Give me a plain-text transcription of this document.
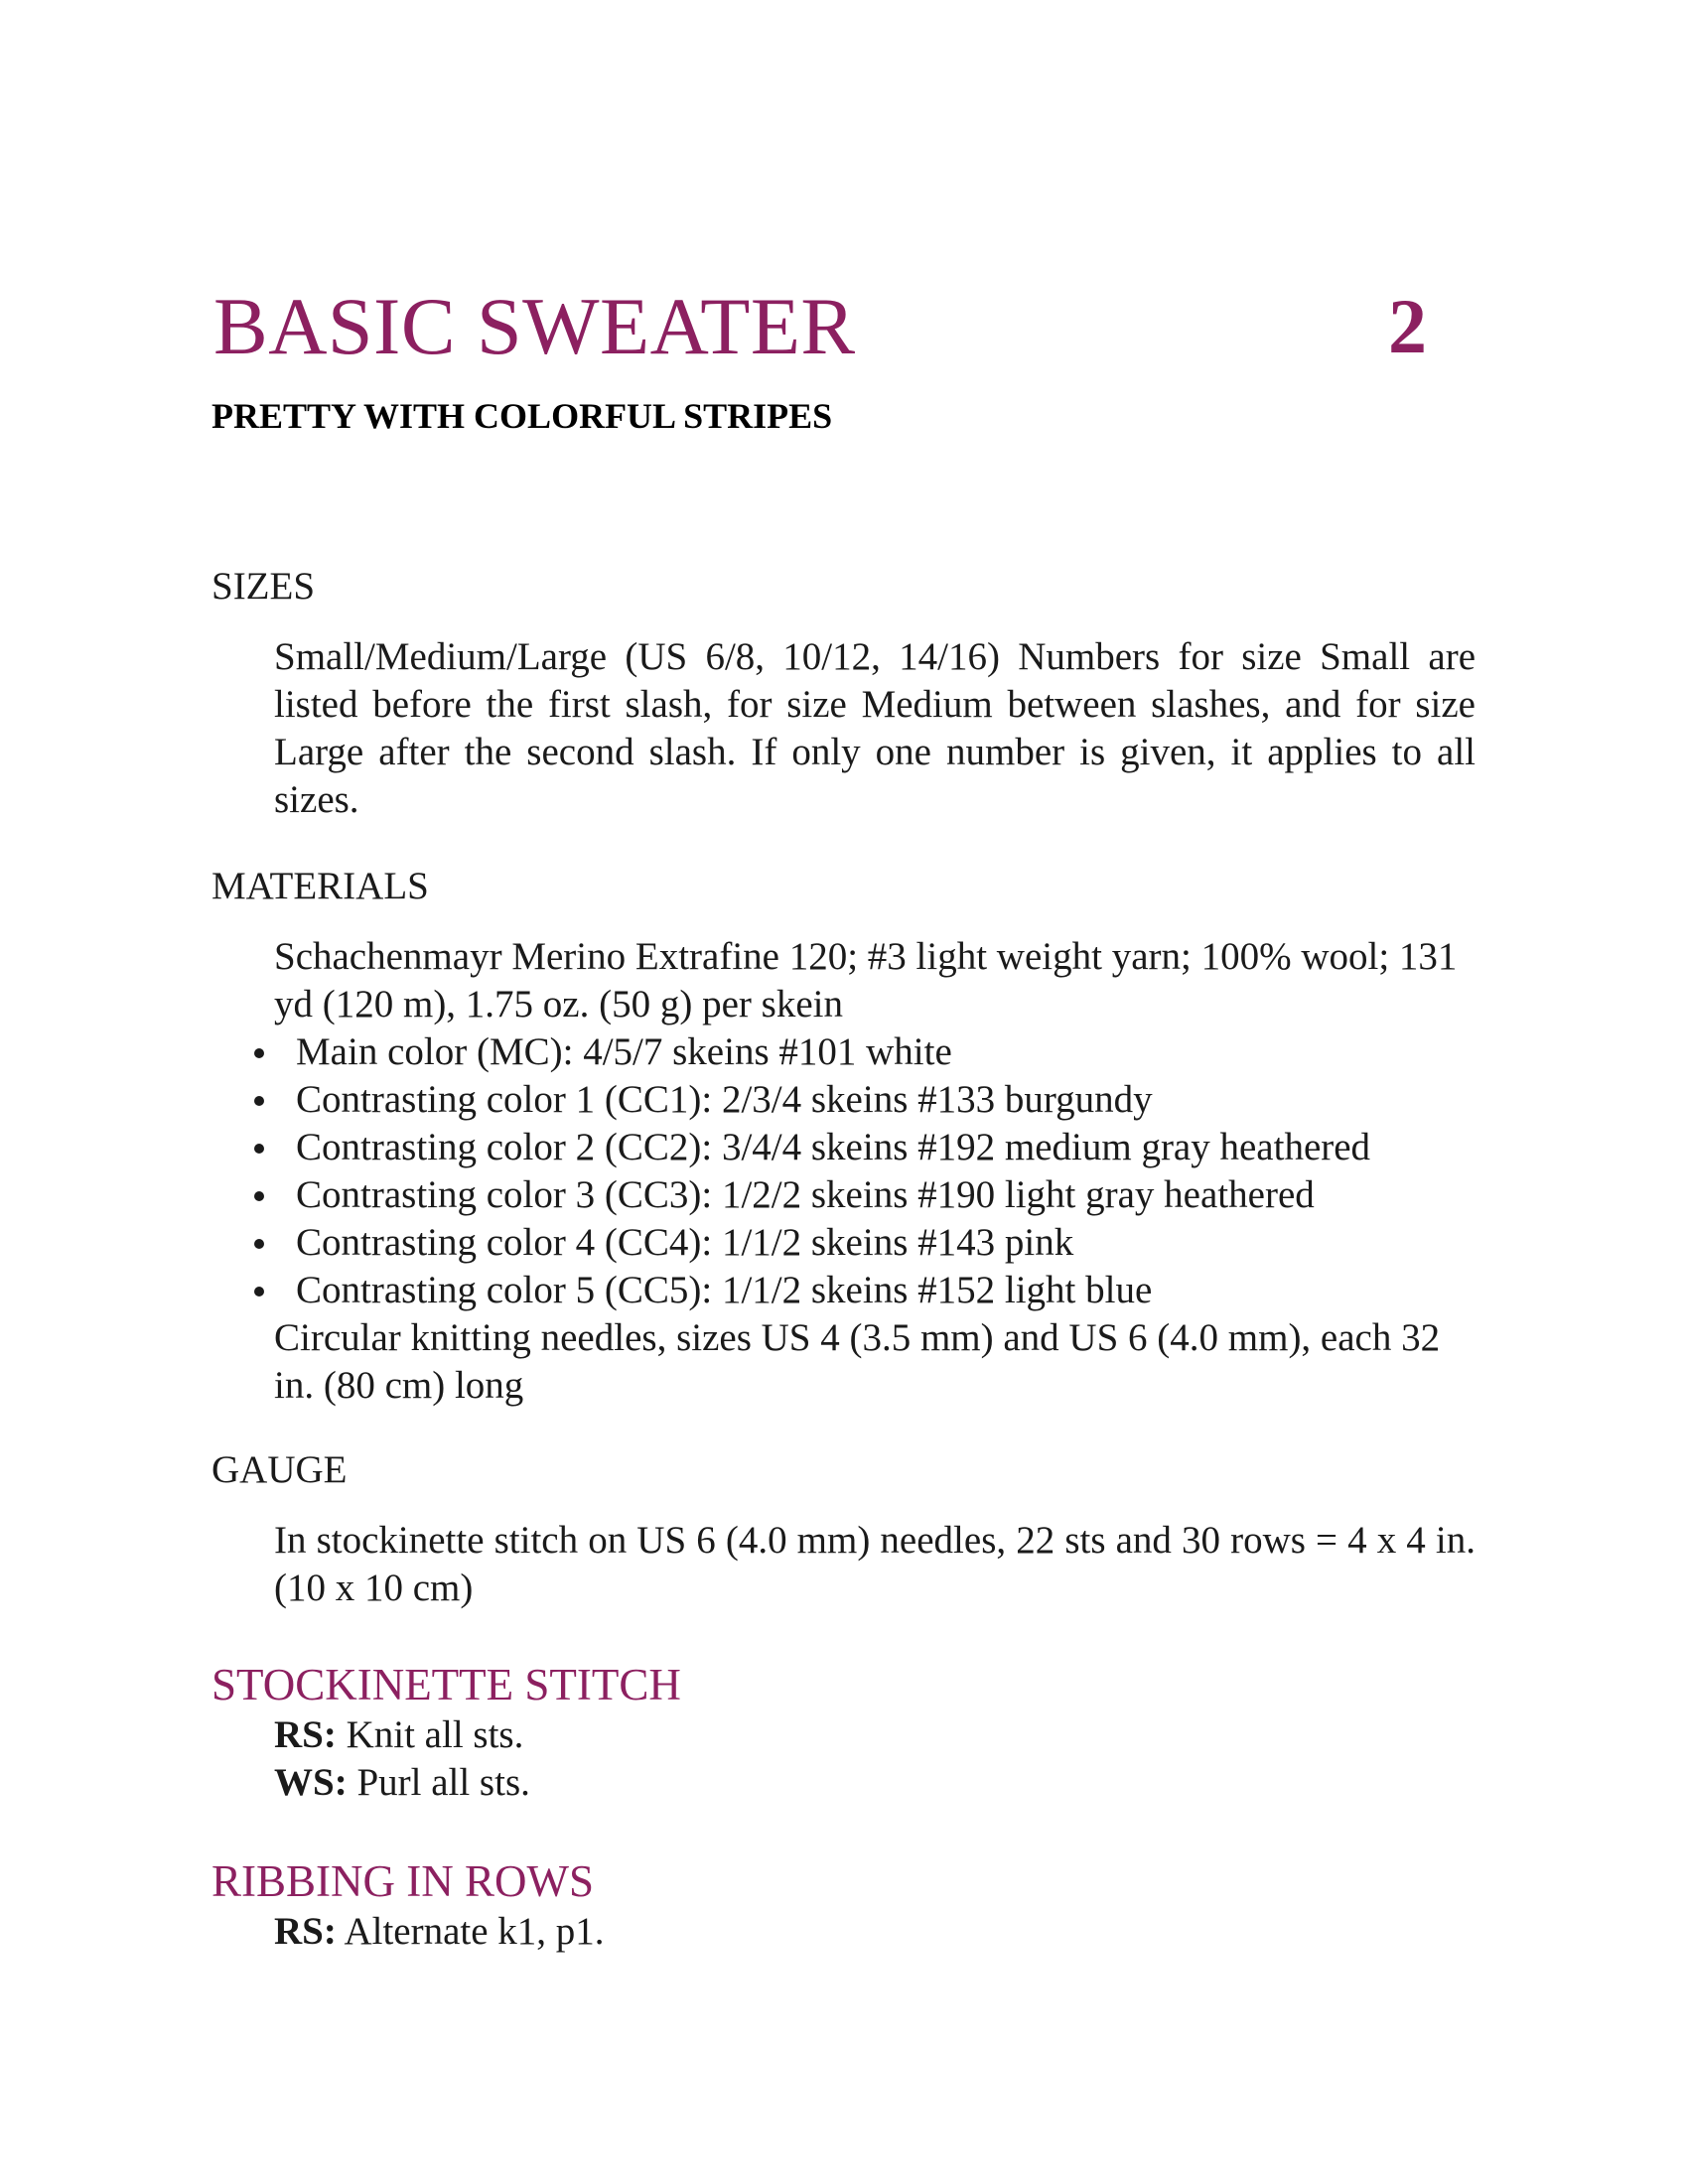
BASIC SWEATER	2
PRETTY WITH COLORFUL STRIPES
SIZES
Small/Medium/Large (US 6/8, 10/12, 14/16) Numbers for size Small are listed before the first slash, for size Medium between slashes, and for size Large after the second slash. If only one number is given, it applies to all sizes.
MATERIALS

Schachenmayr Merino Extrafine 120; #3 light weight yarn; 100% wool; 131 yd (120 m), 1.75 oz. (50 g) per skein

Main color (MC): 4/5/7 skeins #101 white
Contrasting color 1 (CC1): 2/3/4 skeins #133 burgundy
Contrasting color 2 (CC2): 3/4/4 skeins #192 medium gray heathered
Contrasting color 3 (CC3): 1/2/2 skeins #190 light gray heathered
Contrasting color 4 (CC4): 1/1/2 skeins #143 pink
Contrasting color 5 (CC5): 1/1/2 skeins #152 light blue

Circular knitting needles, sizes US 4 (3.5 mm) and US 6 (4.0 mm), each 32 in. (80 cm) long

GAUGE
In stockinette stitch on US 6 (4.0 mm) needles, 22 sts and 30 rows = 4 x 4 in. (10 x 10 cm)
STOCKINETTE STITCH
RS: Knit all sts.
WS: Purl all sts.
RIBBING IN ROWS
RS: Alternate k1, p1.
